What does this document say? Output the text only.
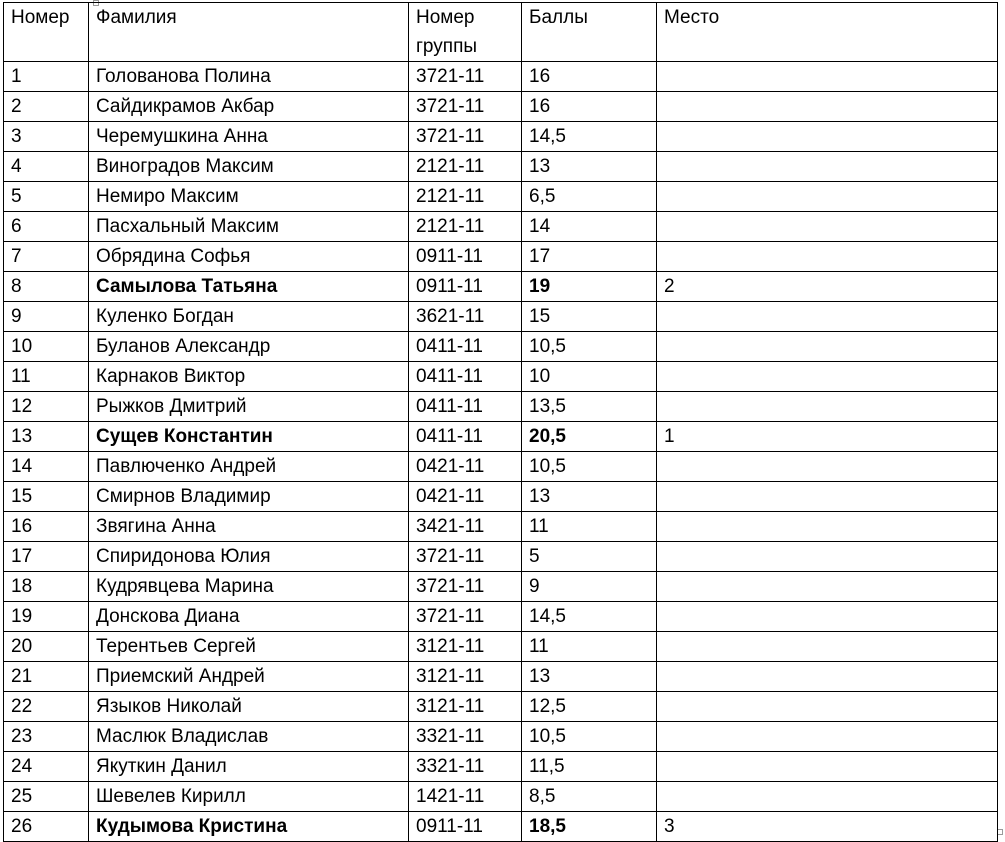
Номер	Фамилия	Номер группы	Баллы	Место
1	Голованова Полина	3721-11	16	
2	Сайдикрамов Акбар	3721-11	16	
3	Черемушкина Анна	3721-11	14,5	
4	Виноградов Максим	2121-11	13	
5	Немиро Максим	2121-11	6,5	
6	Пасхальный Максим	2121-11	14	
7	Обрядина Софья	0911-11	17	
8	Самылова Татьяна	0911-11	19	2
9	Куленко Богдан	3621-11	15	
10	Буланов Александр	0411-11	10,5	
11	Карнаков Виктор	0411-11	10	
12	Рыжков Дмитрий	0411-11	13,5	
13	Сущев Константин	0411-11	20,5	1
14	Павлюченко Андрей	0421-11	10,5	
15	Смирнов Владимир	0421-11	13	
16	Звягина Анна	3421-11	11	
17	Спиридонова Юлия	3721-11	5	
18	Кудрявцева Марина	3721-11	9	
19	Донскова Диана	3721-11	14,5	
20	Терентьев Сергей	3121-11	11	
21	Приемский Андрей	3121-11	13	
22	Языков Николай	3121-11	12,5	
23	Маслюк Владислав	3321-11	10,5	
24	Якуткин Данил	3321-11	11,5	
25	Шевелев Кирилл	1421-11	8,5	
26	Кудымова Кристина	0911-11	18,5	3
